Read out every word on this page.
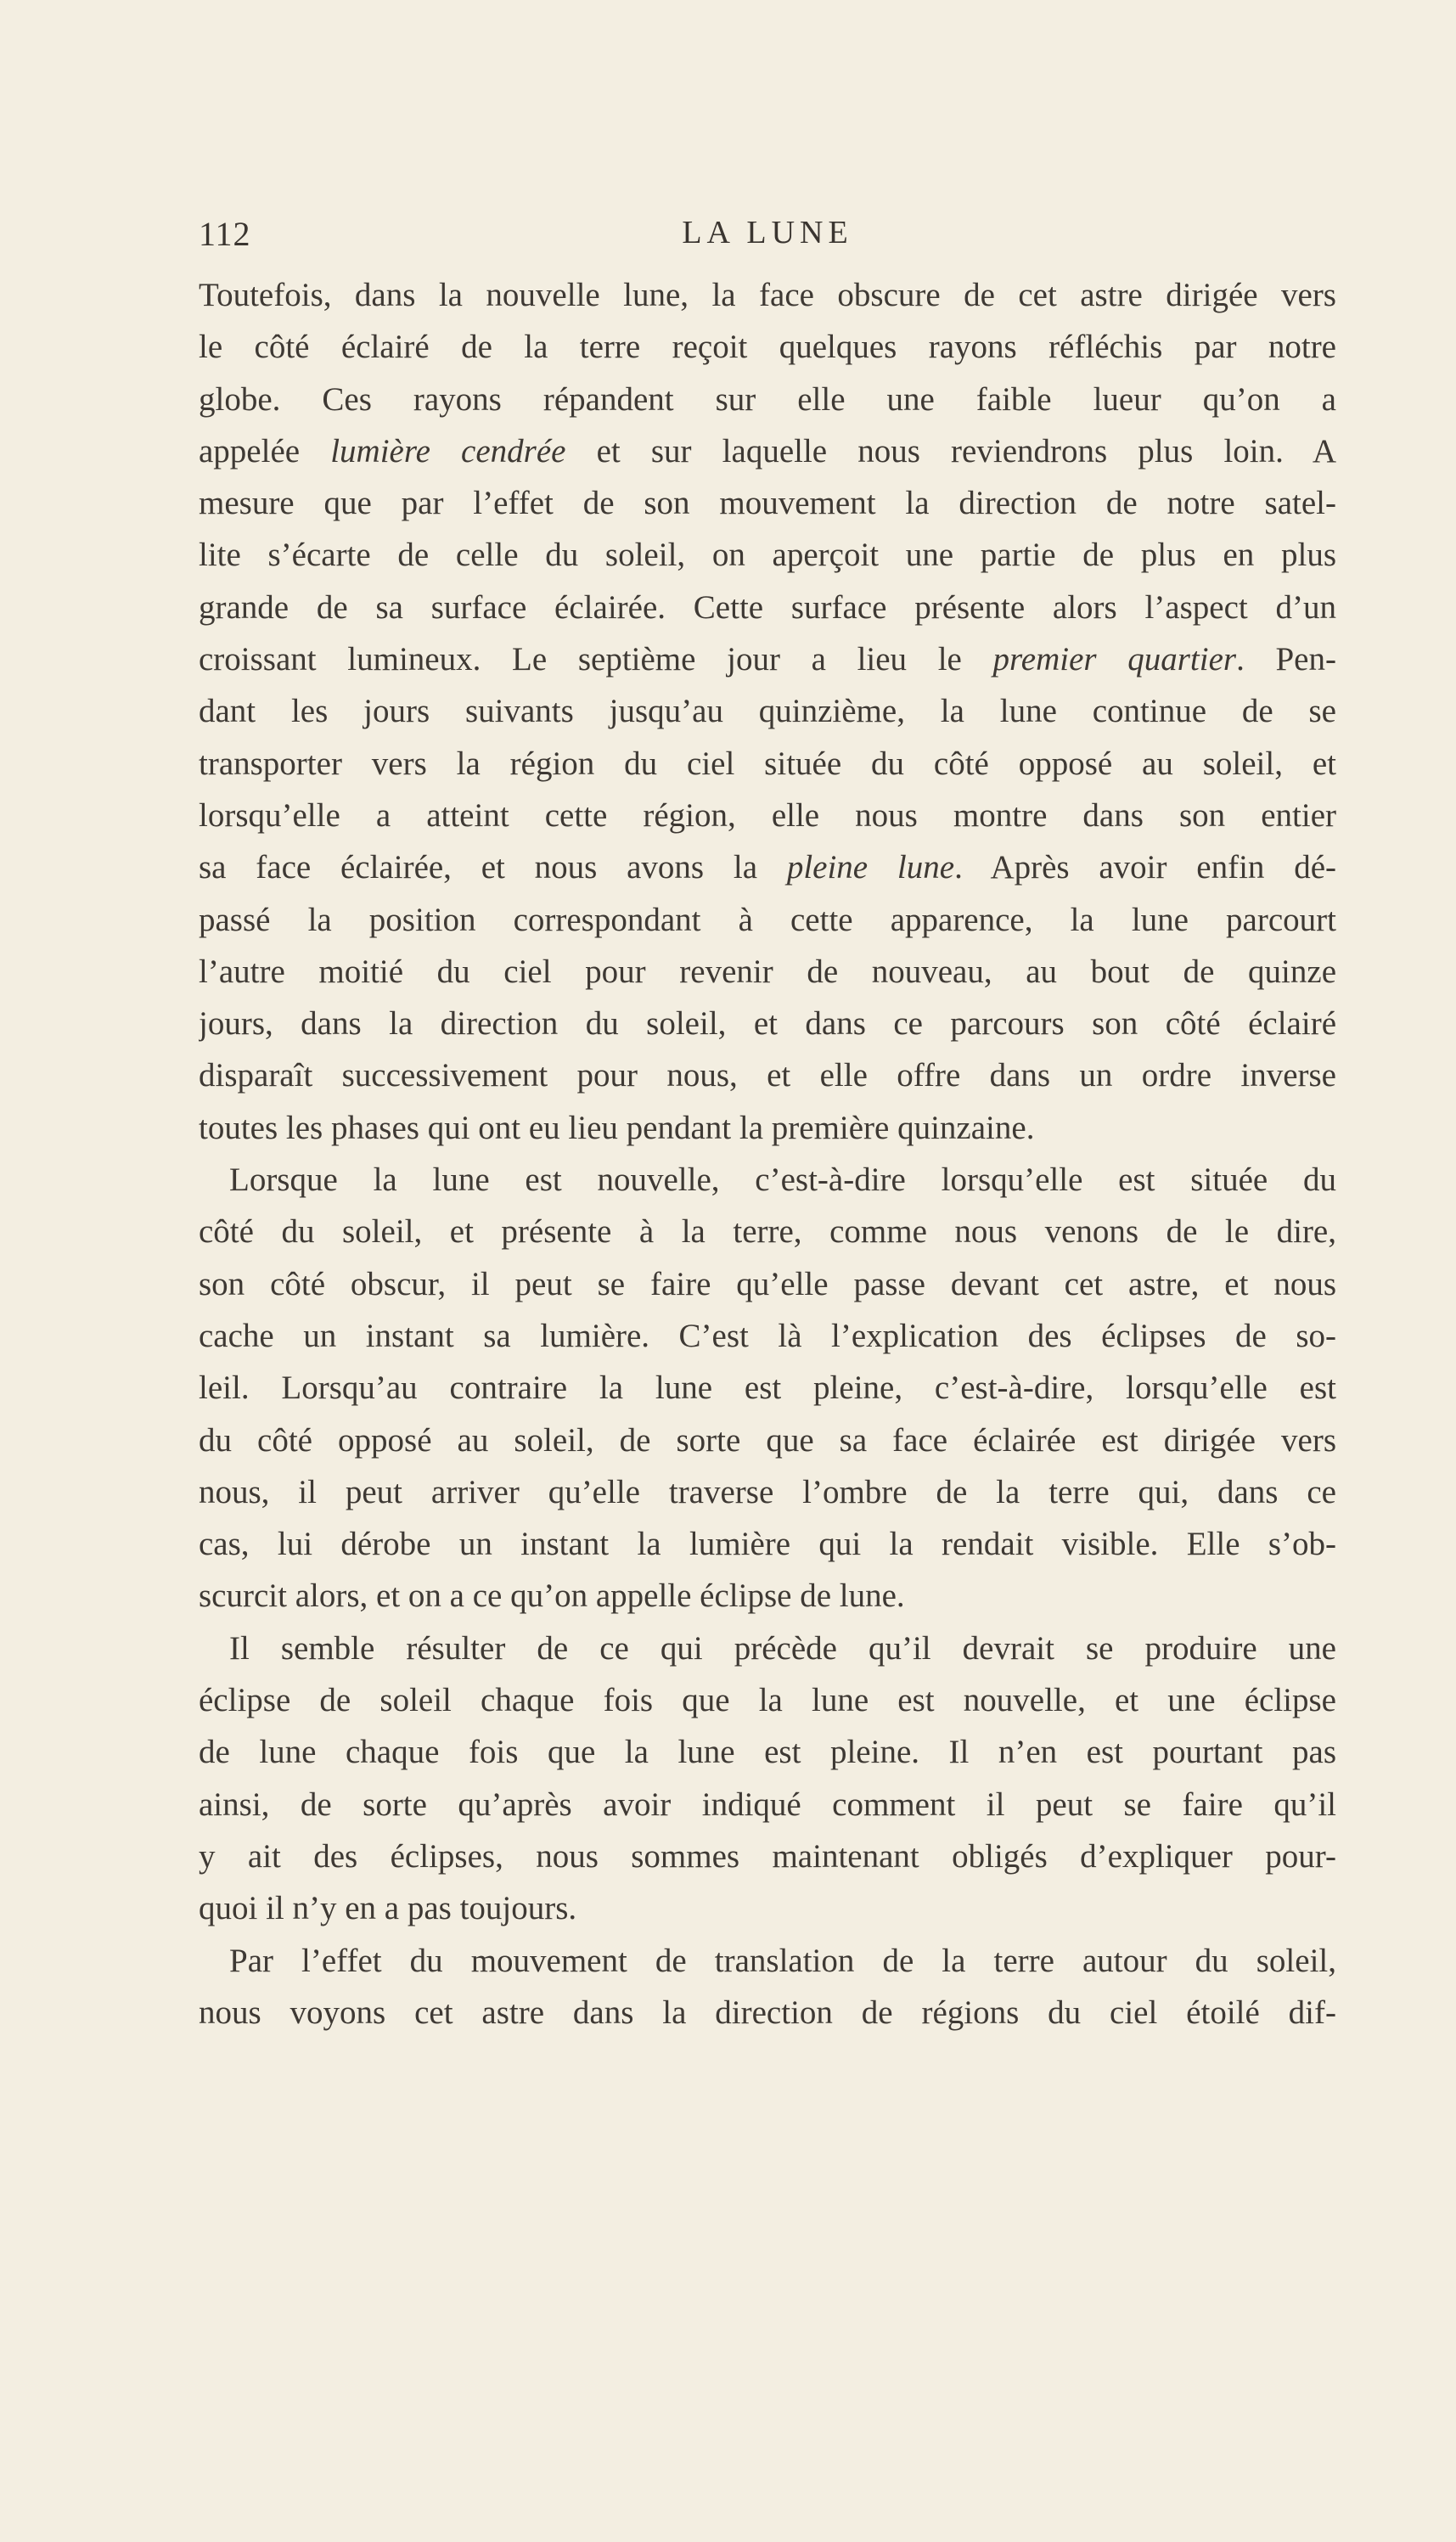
112	LA LUNE

Toutefois, dans la nouvelle lune, la face obscure de cet astre dirigée vers
le côté éclairé de la terre reçoit quelques rayons réfléchis par notre
globe. Ces rayons répandent sur elle une faible lueur qu’on a
appelée lumière cendrée et sur laquelle nous reviendrons plus loin. A
mesure que par l’effet de son mouvement la direction de notre satel-
lite s’écarte de celle du soleil, on aperçoit une partie de plus en plus
grande de sa surface éclairée. Cette surface présente alors l’aspect d’un
croissant lumineux. Le septième jour a lieu le premier quartier. Pen-
dant les jours suivants jusqu’au quinzième, la lune continue de se
transporter vers la région du ciel située du côté opposé au soleil, et
lorsqu’elle a atteint cette région, elle nous montre dans son entier
sa face éclairée, et nous avons la pleine lune. Après avoir enfin dé-
passé la position correspondant à cette apparence, la lune parcourt
l’autre moitié du ciel pour revenir de nouveau, au bout de quinze
jours, dans la direction du soleil, et dans ce parcours son côté éclairé
disparaît successivement pour nous, et elle offre dans un ordre inverse
toutes les phases qui ont eu lieu pendant la première quinzaine.

Lorsque la lune est nouvelle, c’est-à-dire lorsqu’elle est située du
côté du soleil, et présente à la terre, comme nous venons de le dire,
son côté obscur, il peut se faire qu’elle passe devant cet astre, et nous
cache un instant sa lumière. C’est là l’explication des éclipses de so-
leil. Lorsqu’au contraire la lune est pleine, c’est-à-dire, lorsqu’elle est
du côté opposé au soleil, de sorte que sa face éclairée est dirigée vers
nous, il peut arriver qu’elle traverse l’ombre de la terre qui, dans ce
cas, lui dérobe un instant la lumière qui la rendait visible. Elle s’ob-
scurcit alors, et on a ce qu’on appelle éclipse de lune.

Il semble résulter de ce qui précède qu’il devrait se produire une
éclipse de soleil chaque fois que la lune est nouvelle, et une éclipse
de lune chaque fois que la lune est pleine. Il n’en est pourtant pas
ainsi, de sorte qu’après avoir indiqué comment il peut se faire qu’il
y ait des éclipses, nous sommes maintenant obligés d’expliquer pour-
quoi il n’y en a pas toujours.

Par l’effet du mouvement de translation de la terre autour du soleil,
nous voyons cet astre dans la direction de régions du ciel étoilé dif-
